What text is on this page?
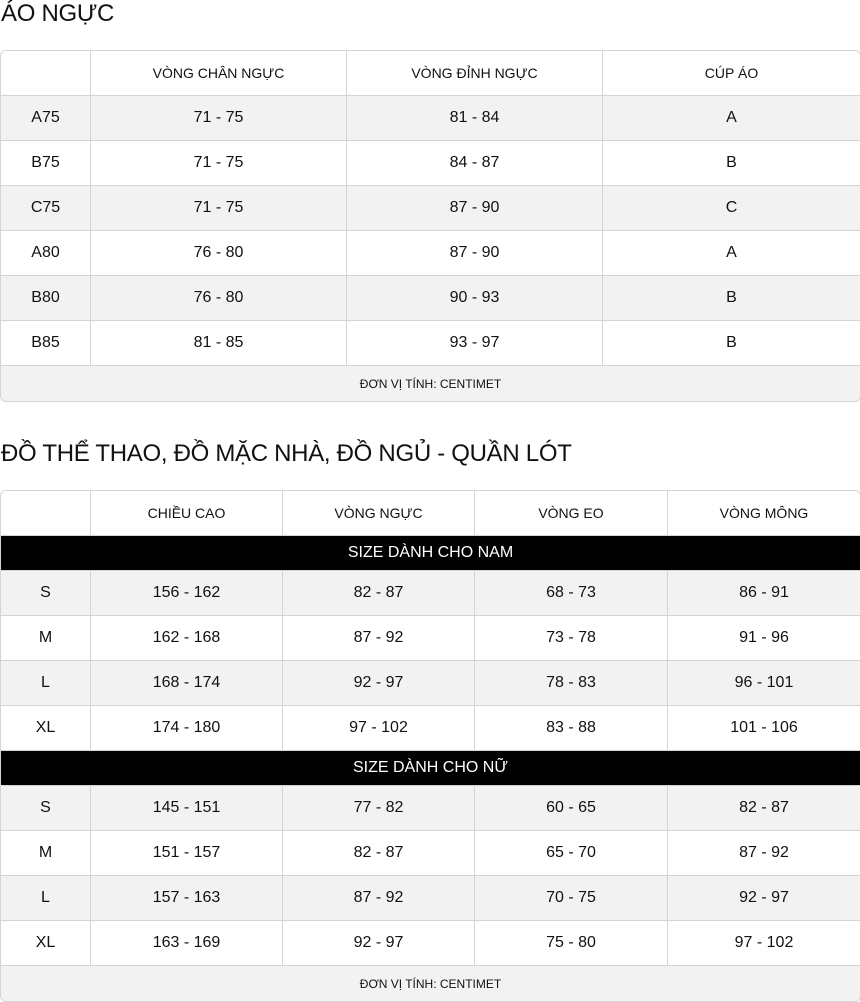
ÁO NGỰC
	VÒNG CHÂN NGỰC	VÒNG ĐỈNH NGỰC	CÚP ÁO
A75	71 - 75	81 - 84	A
B75	71 - 75	84 - 87	B
C75	71 - 75	87 - 90	C
A80	76 - 80	87 - 90	A
B80	76 - 80	90 - 93	B
B85	81 - 85	93 - 97	B
ĐƠN VỊ TÍNH: CENTIMET			
ĐỒ THỂ THAO, ĐỒ MẶC NHÀ, ĐỒ NGỦ - QUẦN LÓT
	CHIỀU CAO	VÒNG NGỰC	VÒNG EO	VÒNG MÔNG
SIZE DÀNH CHO NAM				
S	156 - 162	82 - 87	68 - 73	86 - 91
M	162 - 168	87 - 92	73 - 78	91 - 96
L	168 - 174	92 - 97	78 - 83	96 - 101
XL	174 - 180	97 - 102	83 - 88	101 - 106
SIZE DÀNH CHO NỮ				
S	145 - 151	77 - 82	60 - 65	82 - 87
M	151 - 157	82 - 87	65 - 70	87 - 92
L	157 - 163	87 - 92	70 - 75	92 - 97
XL	163 - 169	92 - 97	75 - 80	97 - 102
ĐƠN VỊ TÍNH: CENTIMET				
